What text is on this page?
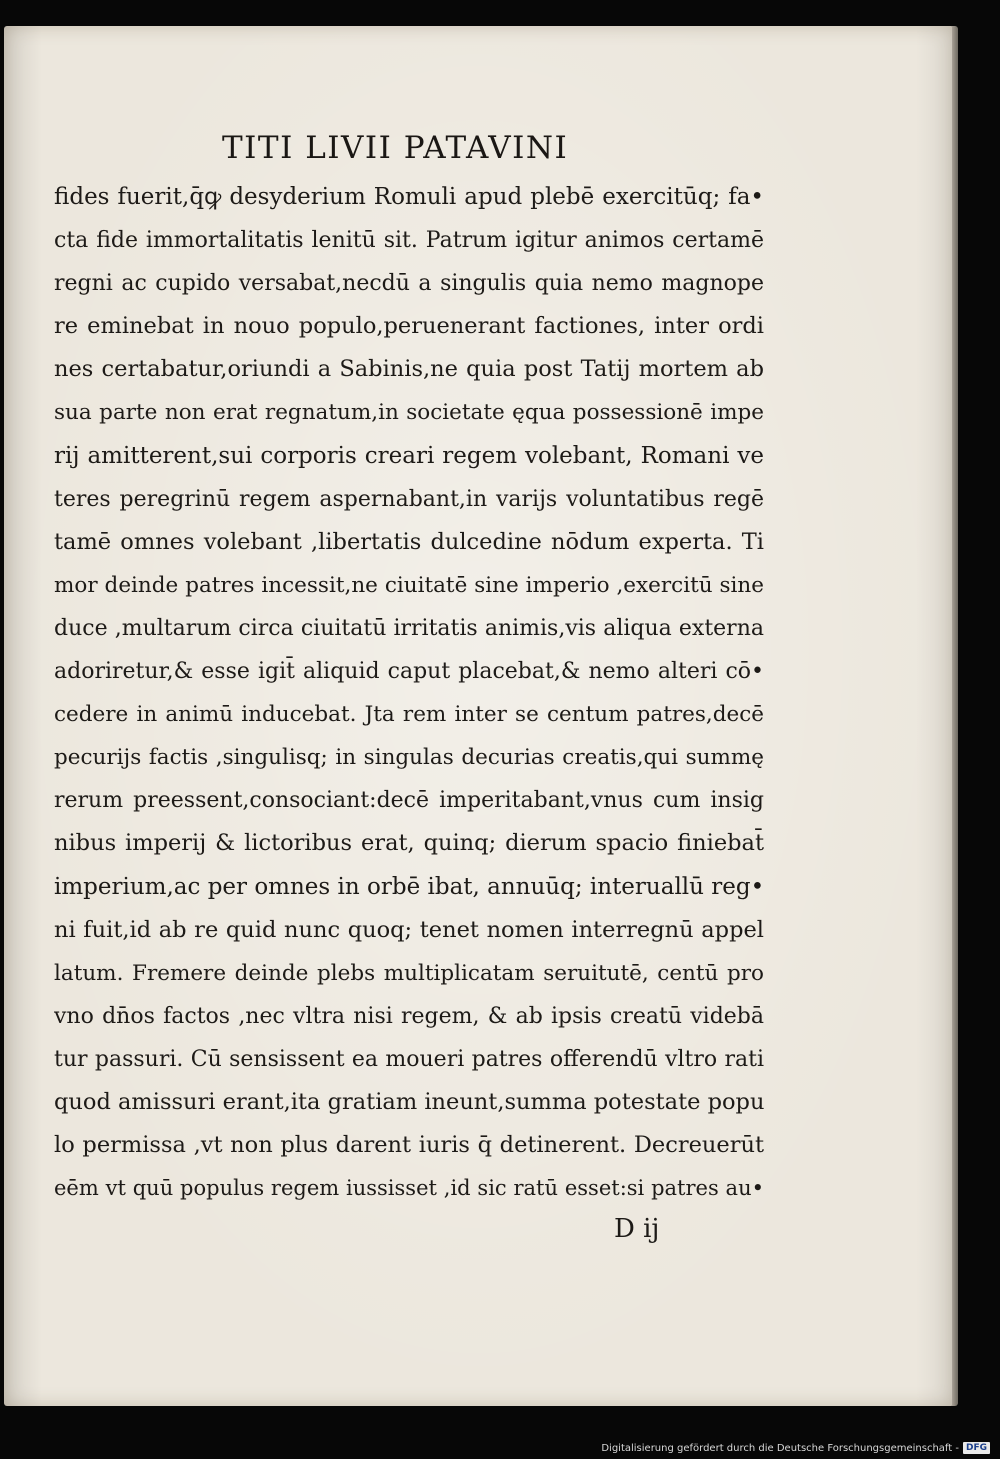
TITI LIVII PATAVINI
fides fuerit,q̄ꝙ desyderium Romuli apud plebē exercitūq; fa•
cta fide immortalitatis lenitū sit. Patrum igitur animos certamē
regni ac cupido versabat,necdū a singulis quia nemo magnope
re eminebat in nouo populo,peruenerant factiones, inter ordi
nes certabatur,oriundi a Sabinis,ne quia post Tatij mortem ab
sua parte non erat regnatum,in societate ęqua possessionē impe
rij amitterent,sui corporis creari regem volebant, Romani ve
teres peregrinū regem aspernabant,in varijs voluntatibus regē
tamē omnes volebant ,libertatis dulcedine nōdum experta. Ti
mor deinde patres incessit,ne ciuitatē sine imperio ,exercitū sine
duce ,multarum circa ciuitatū irritatis animis,vis aliqua externa
adoriretur,& esse igit̄ aliquid caput placebat,& nemo alteri cō•
cedere in animū inducebat. Jta rem inter se centum patres,decē
pecurijs factis ,singulisq; in singulas decurias creatis,qui summę
rerum preessent,consociant:decē imperitabant,vnus cum insig
nibus imperij & lictoribus erat, quinq; dierum spacio finiebat̄
imperium,ac per omnes in orbē ibat, annuūq; interuallū reg•
ni fuit,id ab re quid nunc quoq; tenet nomen interregnū appel
latum. Fremere deinde plebs multiplicatam seruitutē, centū pro
vno dn̄os factos ,nec vltra nisi regem, & ab ipsis creatū videbā
tur passuri. Cū sensissent ea moueri patres offerendū vltro rati
quod amissuri erant,ita gratiam ineunt,summa potestate popu
lo permissa ,vt non plus darent iuris q̄ detinerent. Decreuerūt
eēm vt quū populus regem iussisset ,id sic ratū esset:si patres au•
D ij
Digitalisierung gefördert durch die Deutsche Forschungsgemeinschaft - DFG
